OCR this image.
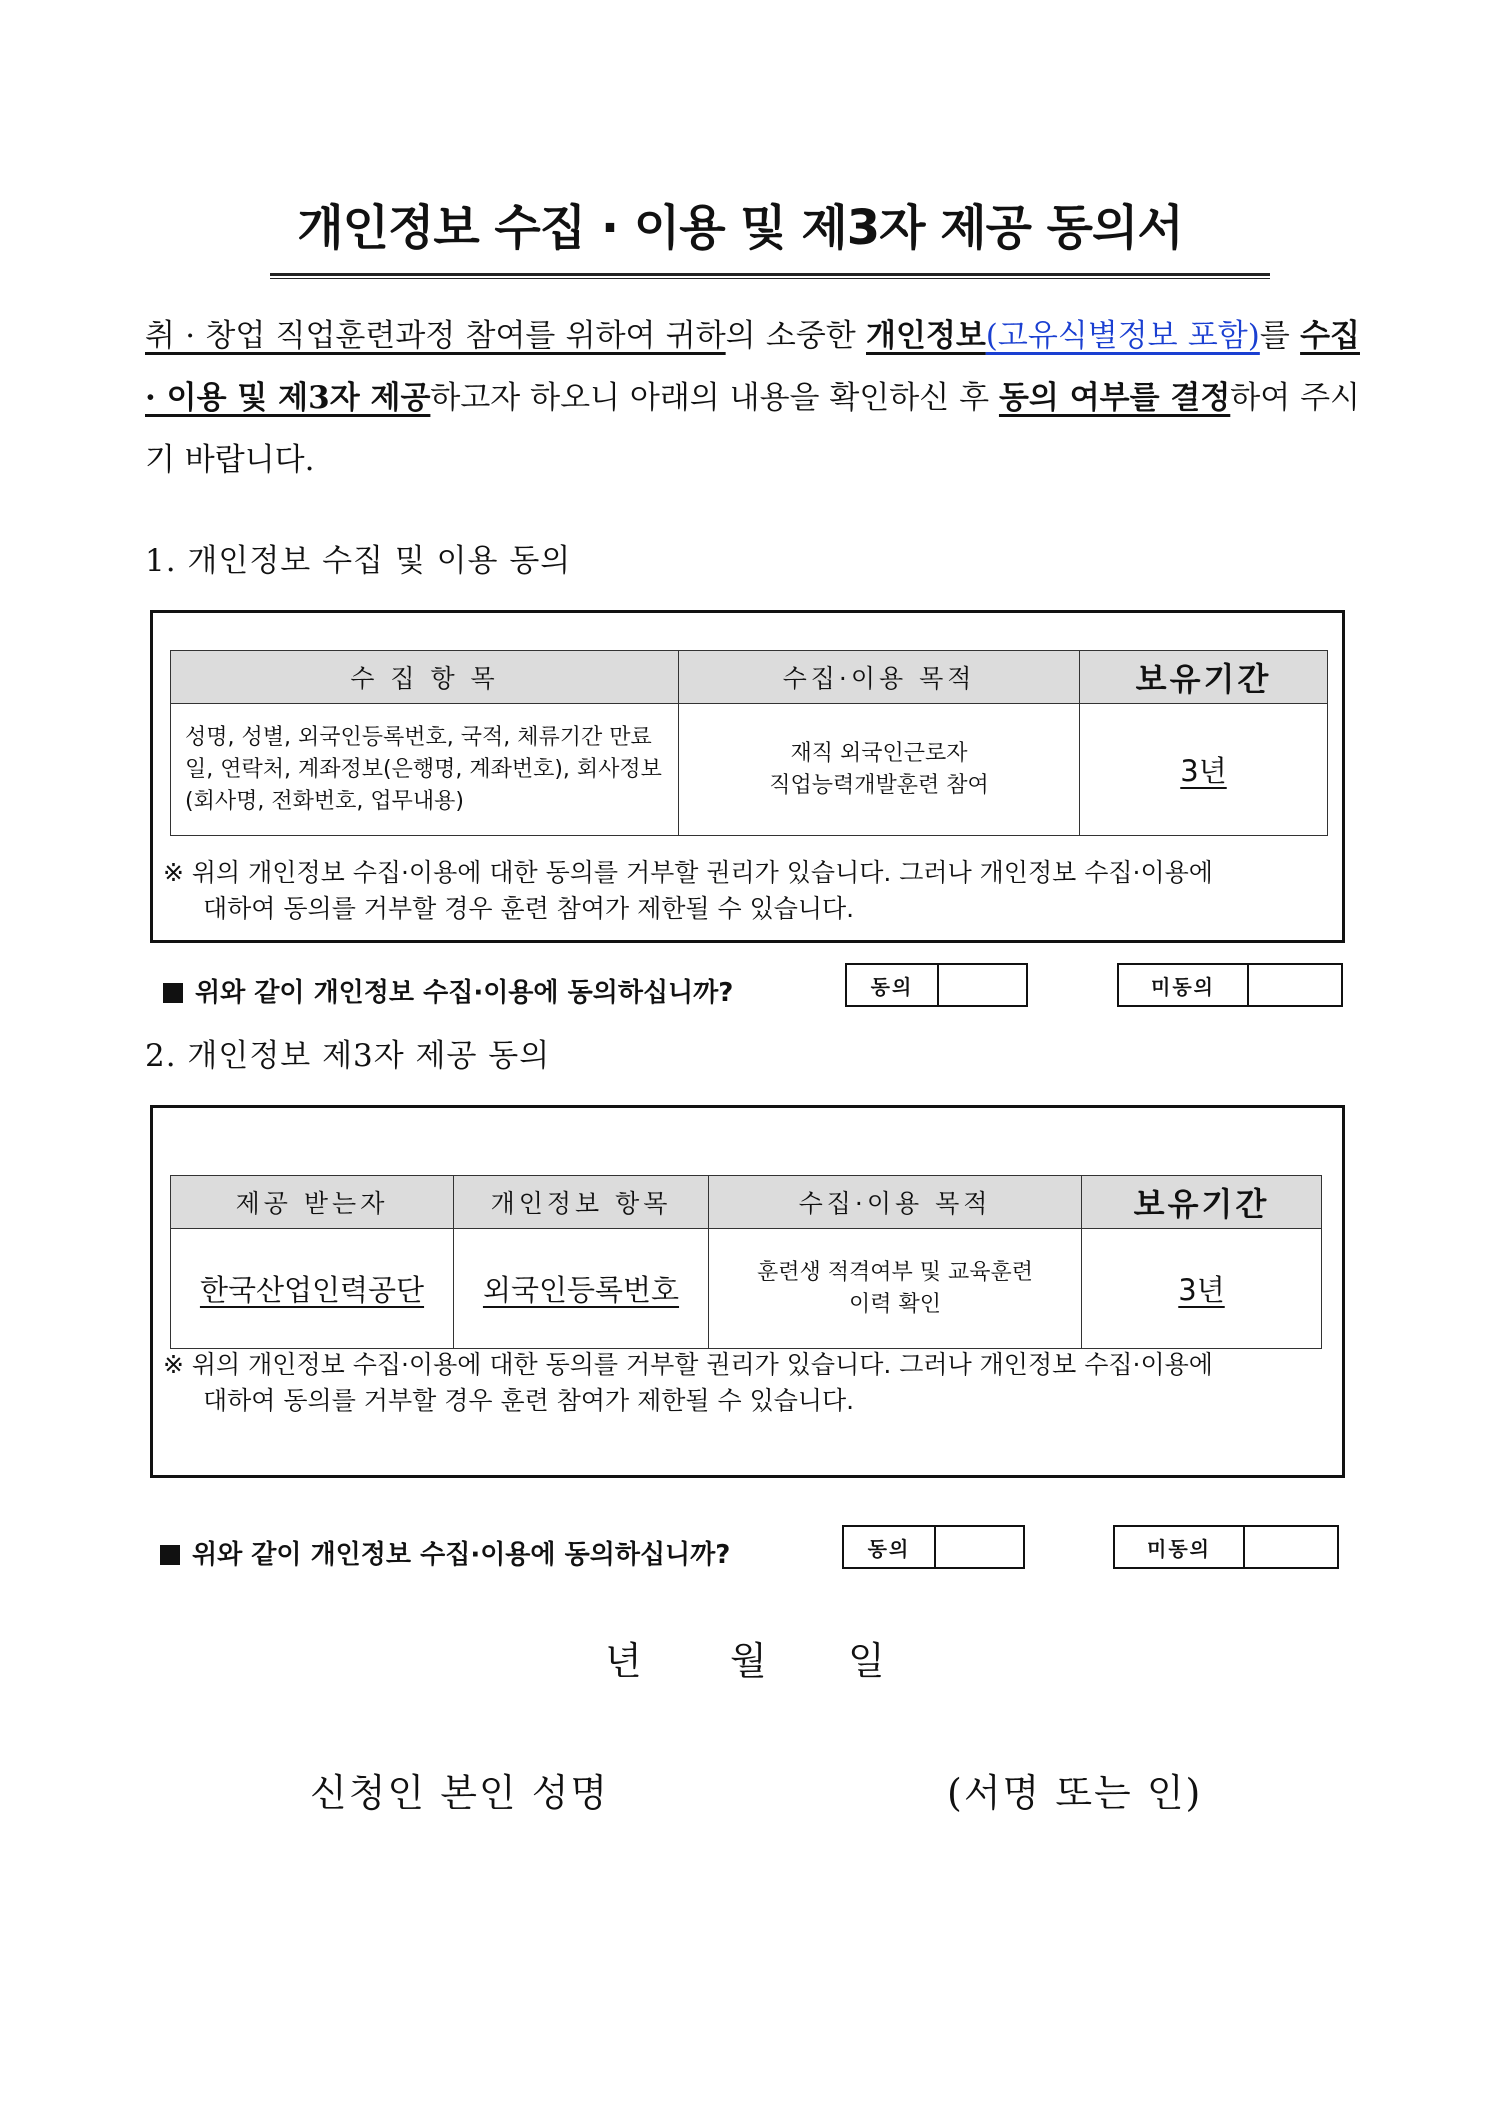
개인정보 수집 · 이용 및 제3자 제공 동의서
취 · 창업 직업훈련과정 참여를 위하여 귀하의 소중한 개인정보(고유식별정보 포함)를 수집 · 이용 및 제3자 제공하고자 하오니 아래의 내용을 확인하신 후 동의 여부를 결정하여 주시기 바랍니다.
1. 개인정보 수집 및 이용 동의
수 집 항 목	수집·이용 목적	보유기간
성명, 성별, 외국인등록번호, 국적, 체류기간 만료일, 연락처, 계좌정보(은행명, 계좌번호), 회사정보(회사명, 전화번호, 업무내용)	재직 외국인근로자
직업능력개발훈련 참여	3년
※ 위의 개인정보 수집·이용에 대한 동의를 거부할 권리가 있습니다. 그러나 개인정보 수집·이용에
대하여 동의를 거부할 경우 훈련 참여가 제한될 수 있습니다.
위와 같이 개인정보 수집·이용에 동의하십니까?	동의	미동의
2. 개인정보 제3자 제공 동의
제공 받는자	개인정보 항목	수집·이용 목적	보유기간
한국산업인력공단	외국인등록번호	훈련생 적격여부 및 교육훈련
이력 확인	3년
※ 위의 개인정보 수집·이용에 대한 동의를 거부할 권리가 있습니다. 그러나 개인정보 수집·이용에
대하여 동의를 거부할 경우 훈련 참여가 제한될 수 있습니다.
위와 같이 개인정보 수집·이용에 동의하십니까?	동의	미동의
년 월 일
신청인 본인 성명	(서명 또는 인)
